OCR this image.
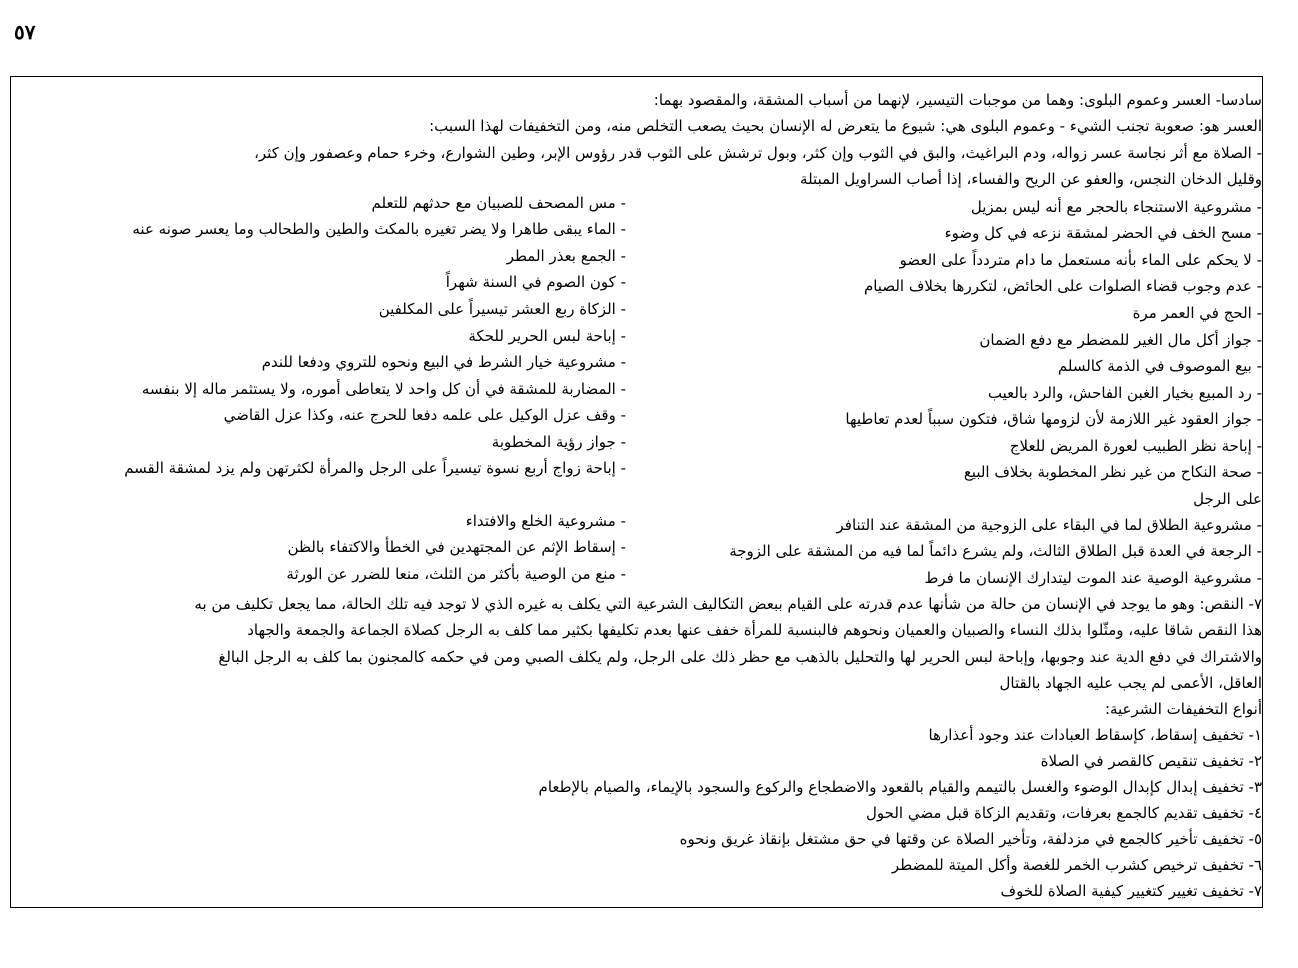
٥٧
سادسا- العسر وعموم البلوى: وهما من موجبات التيسير، لإنهما من أسباب المشقة، والمقصود بهما:
العسر هو: صعوبة تجنب الشيء - وعموم البلوى هي: شيوع ما يتعرض له الإنسان بحيث يصعب التخلص منه، ومن التخفيفات لهذا السبب:
- الصلاة مع أثر نجاسة عسر زواله، ودم البراغيث، والبق في الثوب وإن كثر، وبول ترشش على الثوب قدر رؤوس الإبر، وطين الشوارع، وخرء حمام وعصفور وإن كثر،
وقليل الدخان النجس، والعفو عن الريح والفساء، إذا أصاب السراويل المبتلة
- مشروعية الاستنجاء بالحجر مع أنه ليس بمزيل
- مس المصحف للصبيان مع حدثهم للتعلم
- مسح الخف في الحضر لمشقة نزعه في كل وضوء
- الماء يبقى طاهرا ولا يضر تغيره بالمكث والطين والطحالب وما يعسر صونه عنه
- لا يحكم على الماء بأنه مستعمل ما دام متردداً على العضو
- الجمع بعذر المطر
- عدم وجوب قضاء الصلوات على الحائض، لتكررها بخلاف الصيام
- كون الصوم في السنة شهراً
- الحج في العمر مرة
- الزكاة ربع العشر تيسيراً على المكلفين
- جواز أكل مال الغير للمضطر مع دفع الضمان
- إباحة لبس الحرير للحكة
- بيع الموصوف في الذمة كالسلم
- مشروعية خيار الشرط في البيع ونحوه للتروي ودفعا للندم
- رد المبيع بخيار الغبن الفاحش، والرد بالعيب
- المضاربة للمشقة في أن كل واحد لا يتعاطى أموره، ولا يستثمر ماله إلا بنفسه
- جواز العقود غير اللازمة لأن لزومها شاق، فتكون سبباً لعدم تعاطيها
- وقف عزل الوكيل على علمه دفعا للحرج عنه، وكذا عزل القاضي
- إباحة نظر الطبيب لعورة المريض للعلاج
- جواز رؤية المخطوبة
- صحة النكاح من غير نظر المخطوبة بخلاف البيع
- إباحة زواج أربع نسوة تيسيراً على الرجل والمرأة لكثرتهن ولم يزد لمشقة القسم
على الرجل
- مشروعية الطلاق لما في البقاء على الزوجية من المشقة عند التنافر
- مشروعية الخلع والافتداء
- الرجعة في العدة قبل الطلاق الثالث، ولم يشرع دائماً لما فيه من المشقة على الزوجة
- إسقاط الإثم عن المجتهدين في الخطأ والاكتفاء بالظن
- مشروعية الوصية عند الموت ليتدارك الإنسان ما فرط
- منع من الوصية بأكثر من الثلث، منعا للضرر عن الورثة
٧- النقص: وهو ما يوجد في الإنسان من حالة من شأنها عدم قدرته على القيام ببعض التكاليف الشرعية التي يكلف به غيره الذي لا توجد فيه تلك الحالة، مما يجعل تكليف من به
هذا النقص شاقا عليه، ومثّلوا بذلك النساء والصبيان والعميان ونحوهم فالبنسبة للمرأة خفف عنها بعدم تكليفها بكثير مما كلف به الرجل كصلاة الجماعة والجمعة والجهاد
والاشتراك في دفع الدية عند وجوبها، وإباحة لبس الحرير لها والتحليل بالذهب مع حظر ذلك على الرجل، ولم يكلف الصبي ومن في حكمه كالمجنون بما كلف به الرجل البالغ
العاقل، الأعمى لم يجب عليه الجهاد بالقتال
أنواع التخفيفات الشرعية:
١- تخفيف إسقاط، كإسقاط العبادات عند وجود أعذارها
٢- تخفيف تنقيص كالقصر في الصلاة
٣- تخفيف إبدال كإبدال الوضوء والغسل بالتيمم والقيام بالقعود والاضطجاع والركوع والسجود بالإيماء، والصيام بالإطعام
٤- تخفيف تقديم كالجمع بعرفات، وتقديم الزكاة قبل مضي الحول
٥- تخفيف تأخير كالجمع في مزدلفة، وتأخير الصلاة عن وقتها في حق مشتغل بإنقاذ غريق ونحوه
٦- تخفيف ترخيص كشرب الخمر للغصة وأكل الميتة للمضطر
٧- تخفيف تغيير كتغيير كيفية الصلاة للخوف
